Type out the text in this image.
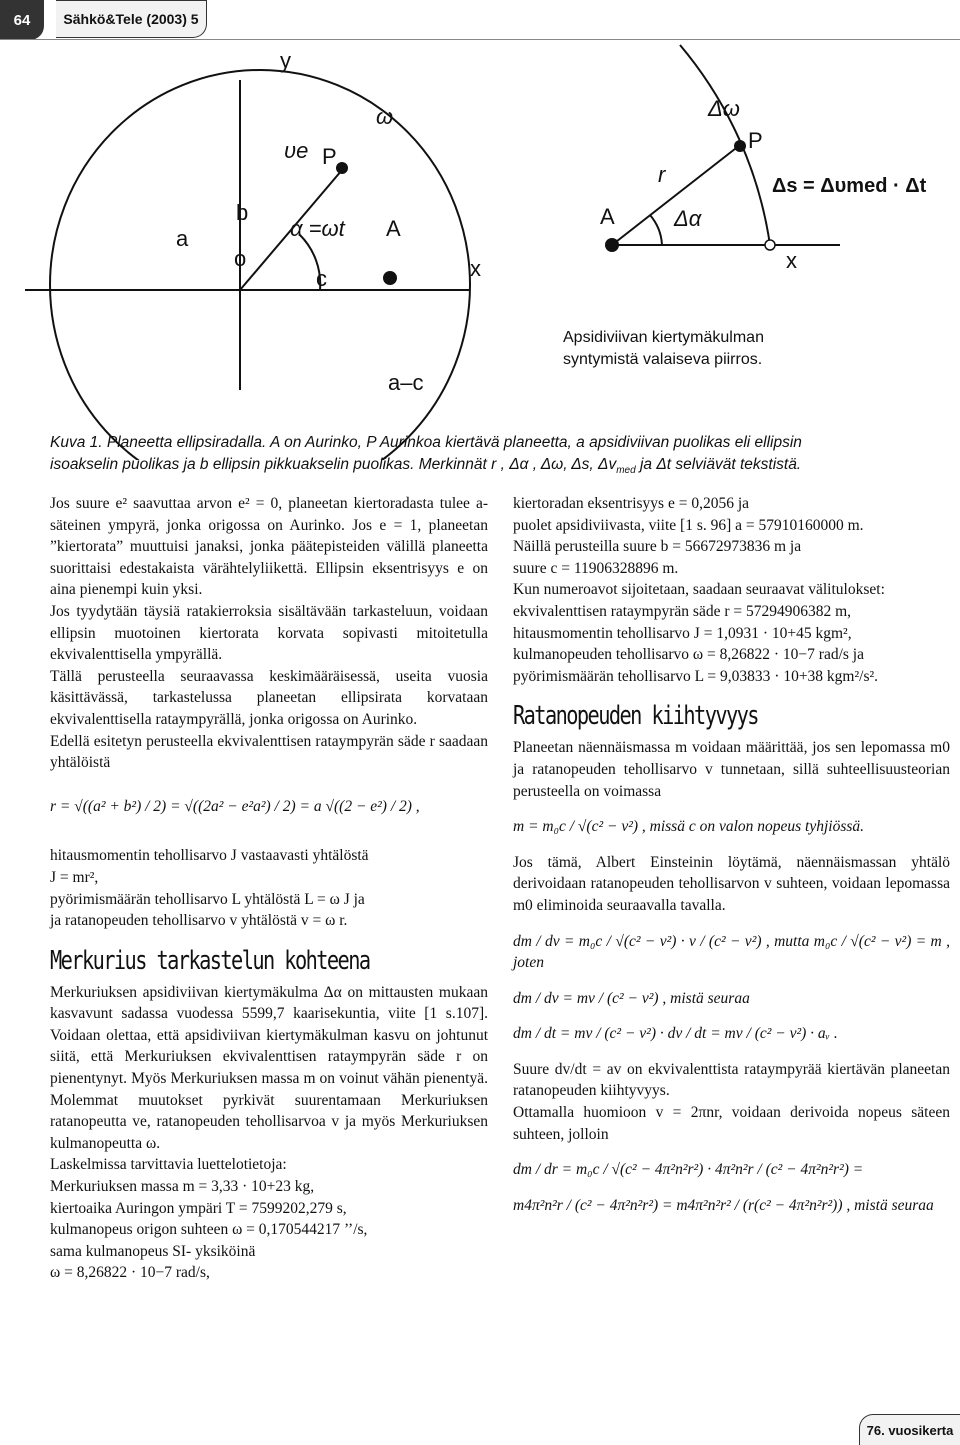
64	Sähkö&Tele (2003) 5
y
ω
υe P
b
a	α =ωt A
o
c	x
a–c
Δω
P
r	Δs = Δυmed · Δt
A	Δα
x
Apsidiviivan kiertymäkulman
syntymistä valaiseva piirros.
Kuva 1. Planeetta ellipsiradalla. A on Aurinko, P Aurinkoa kiertävä planeetta, a apsidiviivan puolikas eli ellipsin
isoakselin puolikas ja b ellipsin pikkuakselin puolikas. Merkinnät r , Δα , Δω, Δs, $\Delta v_{med}$ ja Δt selviävät tekstistä.

Jos suure e² saavuttaa arvon e² = 0, planeetan kiertoradasta tulee a-säteinen ympyrä, jonka origossa on Aurinko. Jos e = 1, planeetan ”kiertorata” muuttuisi janaksi, jonka päätepisteiden välillä planeetta suorittaisi edestakaista värähtelyliikettä. Ellipsin eksentrisyys e on aina pienempi kuin yksi.

Jos tyydytään täysiä ratakierroksia sisältävään tarkasteluun, voidaan ellipsin muotoinen kiertorata korvata sopivasti mitoitetulla ekvivalenttisella ympyrällä.

Tällä perusteella seuraavassa keskimääräisessä, useita vuosia käsittävässä, tarkastelussa planeetan ellipsirata korvataan ekvivalenttisella rataympyrällä, jonka origossa on Aurinko.

Edellä esitetyn perusteella ekvivalenttisen rataympyrän säde r saadaan yhtälöistä

r = √((a² + b²) / 2) = √((2a² − e²a²) / 2) = a √((2 − e²) / 2) ,

hitausmomentin tehollisarvo J vastaavasti yhtälöstä

J = mr²,

pyörimismäärän tehollisarvo L yhtälöstä L = ω J ja

ja ratanopeuden tehollisarvo v yhtälöstä v = ω r.

Merkurius tarkastelun kohteena

Merkuriuksen apsidiviivan kiertymäkulma Δα on mittausten mukaan kasvavunt sadassa vuodessa 5599,7 kaarisekuntia, viite [1 s.107]. Voidaan olettaa, että apsidiviivan kiertymäkulman kasvu on johtunut siitä, että Merkuriuksen ekvivalenttisen rataympyrän säde r on pienentynyt. Myös Merkuriuksen massa m on voinut vähän pienentyä. Molemmat muutokset pyrkivät suurentamaan Merkuriuksen ratanopeutta ve, ratanopeuden tehollisarvoa v ja myös Merkuriuksen kulmanopeutta ω.

Laskelmissa tarvittavia luettelotietoja:

Merkuriuksen massa m = 3,33 · 10+23 kg,

kiertoaika Auringon ympäri T = 7599202,279 s,

kulmanopeus origon suhteen ω = 0,170544217 ’’/s,

sama kulmanopeus SI- yksiköinä

ω = 8,26822 · 10−7 rad/s,

kiertoradan eksentrisyys e = 0,2056 ja

puolet apsidiviivasta, viite [1 s. 96] a = 57910160000 m.

Näillä perusteilla suure b = 56672973836 m ja

suure c = 11906328896 m.

Kun numeroavot sijoitetaan, saadaan seuraavat välitulokset:

ekvivalenttisen rataympyrän säde r = 57294906382 m,

hitausmomentin tehollisarvo J = 1,0931 · 10+45 kgm²,

kulmanopeuden tehollisarvo ω = 8,26822 · 10−7 rad/s ja

pyörimismäärän tehollisarvo L = 9,03833 · 10+38 kgm²/s².

Ratanopeuden kiihtyvyys

Planeetan näennäismassa m voidaan määrittää, jos sen lepomassa m0 ja ratanopeuden tehollisarvo v tunnetaan, sillä suhteellisuusteorian perusteella on voimassa

m = m₀c / √(c² − v²) , missä c on valon nopeus tyhjiössä.

Jos tämä, Albert Einsteinin löytämä, näennäismassan yhtälö derivoidaan ratanopeuden tehollisarvon v suhteen, voidaan lepomassa m0 eliminoida seuraavalla tavalla.

dm / dv = m₀c / √(c² − v²) · v / (c² − v²) , mutta m₀c / √(c² − v²) = m , joten

dm / dv = mv / (c² − v²) , mistä seuraa

dm / dt = mv / (c² − v²) · dv / dt = mv / (c² − v²) · aᵥ .

Suure dv/dt = av on ekvivalenttista rataympyrää kiertävän planeetan ratanopeuden kiihtyvyys.

Ottamalla huomioon v = 2πnr, voidaan derivoida nopeus säteen suhteen, jolloin

dm / dr = m₀c / √(c² − 4π²n²r²) · 4π²n²r / (c² − 4π²n²r²) =

m4π²n²r / (c² − 4π²n²r²) = m4π²n²r² / (r(c² − 4π²n²r²)) , mistä seuraa

76. vuosikerta
